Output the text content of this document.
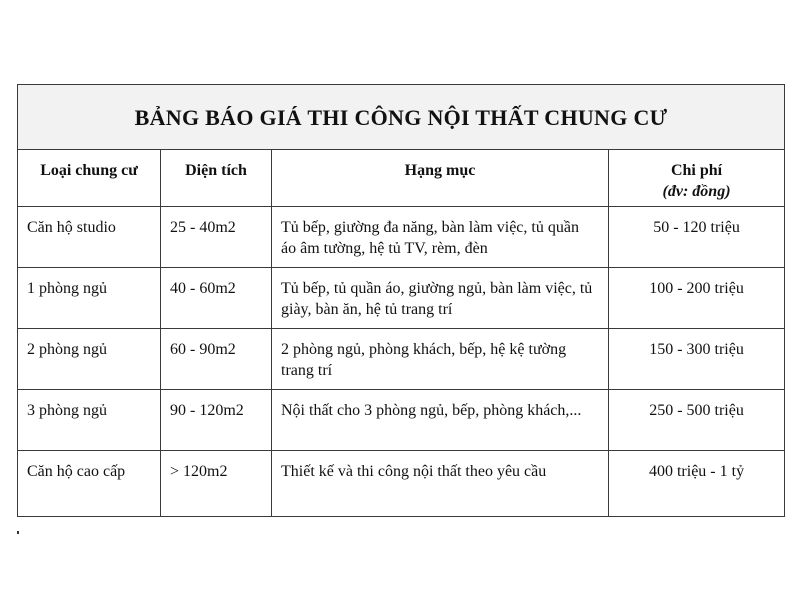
BẢNG BÁO GIÁ THI CÔNG NỘI THẤT CHUNG CƯ			
Loại chung cư	Diện tích	Hạng mục	Chi phí
(đv: đồng)

Căn hộ studio	25 - 40m2	Tủ bếp, giường đa năng, bàn làm việc, tủ quần áo âm tường, hệ tủ TV, rèm, đèn	50 - 120 triệu
1 phòng ngủ	40 - 60m2	Tủ bếp, tủ quần áo, giường ngủ, bàn làm việc, tủ giày, bàn ăn, hệ tủ trang trí	100 - 200 triệu
2 phòng ngủ	60 - 90m2	2 phòng ngủ, phòng khách, bếp, hệ kệ tường trang trí	150 - 300 triệu
3 phòng ngủ	90 - 120m2	Nội thất cho 3 phòng ngủ, bếp, phòng khách,...	250 - 500 triệu
Căn hộ cao cấp	> 120m2	Thiết kế và thi công nội thất theo yêu cầu	400 triệu - 1 tỷ
